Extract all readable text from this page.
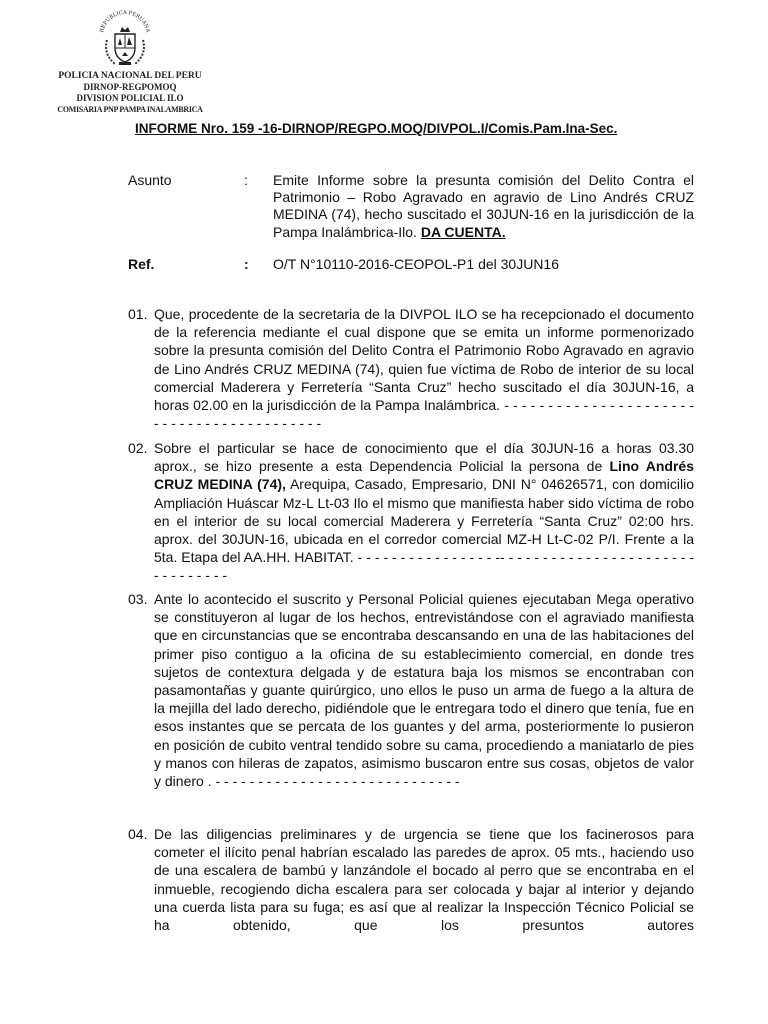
REPUBLICA PERUANA
POLICIA NACIONAL DEL PERU
DIRNOP-REGPOMOQ
DIVISION POLICIAL ILO
COMISARIA PNP PAMPA INALAMBRICA
INFORME Nro. 159 -16-DIRNOP/REGPO.MOQ/DIVPOL.I/Comis.Pam.Ina-Sec.
Asunto	: Emite Informe sobre la presunta comisión del Delito Contra el Patrimonio – Robo Agravado en agravio de Lino Andrés CRUZ MEDINA (74), hecho suscitado el 30JUN-16 en la jurisdicción de la Pampa Inalámbrica-Ilo. DA CUENTA.
Ref.	: O/T N°10110-2016-CEOPOL-P1 del 30JUN16
01. Que, procedente de la secretaria de la DIVPOL ILO se ha recepcionado el documento de la referencia mediante el cual dispone que se emita un informe pormenorizado sobre la presunta comisión del Delito Contra el Patrimonio Robo Agravado en agravio de Lino Andrés CRUZ MEDINA (74), quien fue víctima de Robo de interior de su local comercial Maderera y Ferretería “Santa Cruz” hecho suscitado el día 30JUN-16, a horas 02.00 en la jurisdicción de la Pampa Inalámbrica. - - - - - - - - - - - - - - - - - - - - - - - - - - - - - - - - - - - - - - - - - -
02. Sobre el particular se hace de conocimiento que el día 30JUN-16 a horas 03.30 aprox., se hizo presente a esta Dependencia Policial la persona de Lino Andrés CRUZ MEDINA (74), Arequipa, Casado, Empresario, DNI N° 04626571, con domicilio Ampliación Huáscar Mz-L Lt-03 Ilo el mismo que manifiesta haber sido víctima de robo en el interior de su local comercial Maderera y Ferretería “Santa Cruz” 02:00 hrs. aprox. del 30JUN-16, ubicada en el corredor comercial MZ-H Lt-C-02 P/I. Frente a la 5ta. Etapa del AA.HH. HABITAT. - - - - - - - - - - - - - - - - -- - - - - - - - - - - - - - - - - - - - - - - - - - - - - - - -
03. Ante lo acontecido el suscrito y Personal Policial quienes ejecutaban Mega operativo se constituyeron al lugar de los hechos, entrevistándose con el agraviado manifiesta que en circunstancias que se encontraba descansando en una de las habitaciones del primer piso contiguo a la oficina de su establecimiento comercial, en donde tres sujetos de contextura delgada y de estatura baja los mismos se encontraban con pasamontañas y guante quirúrgico, uno ellos le puso un arma de fuego a la altura de la mejilla del lado derecho, pidiéndole que le entregara todo el dinero que tenía, fue en esos instantes que se percata de los guantes y del arma, posteriormente lo pusieron en posición de cubito ventral tendido sobre su cama, procediendo a maniatarlo de pies y manos con hileras de zapatos, asimismo buscaron entre sus cosas, objetos de valor y dinero . - - - - - - - - - - - - - - - - - - - - - - - - - - - - -
04. De las diligencias preliminares y de urgencia se tiene que los facinerosos para cometer el ilícito penal habrían escalado las paredes de aprox. 05 mts., haciendo uso de una escalera de bambú y lanzándole el bocado al perro que se encontraba en el inmueble, recogiendo dicha escalera para ser colocada y bajar al interior y dejando una cuerda lista para su fuga; es así que al realizar la Inspección Técnico Policial se ha obtenido, que los presuntos autores
